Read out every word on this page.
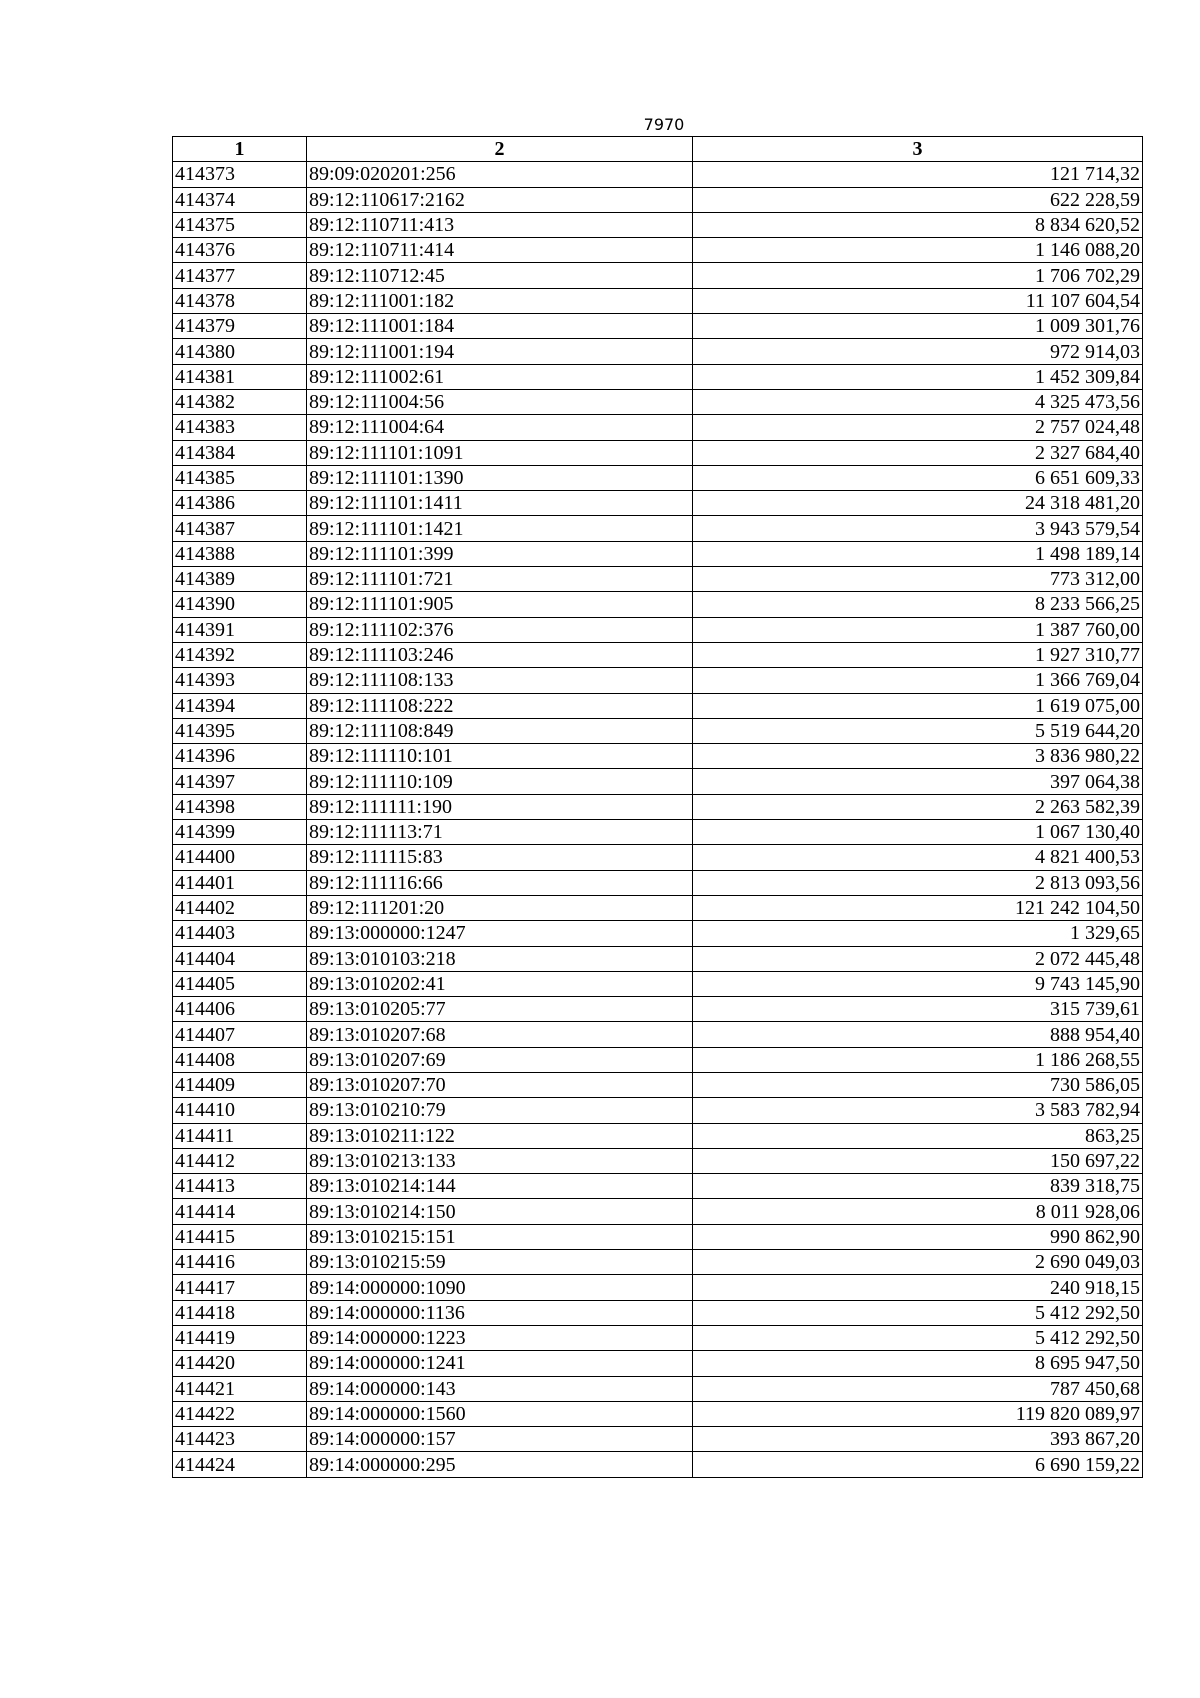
7970
1	2	3
414373	89:09:020201:256	121 714,32
414374	89:12:110617:2162	622 228,59
414375	89:12:110711:413	8 834 620,52
414376	89:12:110711:414	1 146 088,20
414377	89:12:110712:45	1 706 702,29
414378	89:12:111001:182	11 107 604,54
414379	89:12:111001:184	1 009 301,76
414380	89:12:111001:194	972 914,03
414381	89:12:111002:61	1 452 309,84
414382	89:12:111004:56	4 325 473,56
414383	89:12:111004:64	2 757 024,48
414384	89:12:111101:1091	2 327 684,40
414385	89:12:111101:1390	6 651 609,33
414386	89:12:111101:1411	24 318 481,20
414387	89:12:111101:1421	3 943 579,54
414388	89:12:111101:399	1 498 189,14
414389	89:12:111101:721	773 312,00
414390	89:12:111101:905	8 233 566,25
414391	89:12:111102:376	1 387 760,00
414392	89:12:111103:246	1 927 310,77
414393	89:12:111108:133	1 366 769,04
414394	89:12:111108:222	1 619 075,00
414395	89:12:111108:849	5 519 644,20
414396	89:12:111110:101	3 836 980,22
414397	89:12:111110:109	397 064,38
414398	89:12:111111:190	2 263 582,39
414399	89:12:111113:71	1 067 130,40
414400	89:12:111115:83	4 821 400,53
414401	89:12:111116:66	2 813 093,56
414402	89:12:111201:20	121 242 104,50
414403	89:13:000000:1247	1 329,65
414404	89:13:010103:218	2 072 445,48
414405	89:13:010202:41	9 743 145,90
414406	89:13:010205:77	315 739,61
414407	89:13:010207:68	888 954,40
414408	89:13:010207:69	1 186 268,55
414409	89:13:010207:70	730 586,05
414410	89:13:010210:79	3 583 782,94
414411	89:13:010211:122	863,25
414412	89:13:010213:133	150 697,22
414413	89:13:010214:144	839 318,75
414414	89:13:010214:150	8 011 928,06
414415	89:13:010215:151	990 862,90
414416	89:13:010215:59	2 690 049,03
414417	89:14:000000:1090	240 918,15
414418	89:14:000000:1136	5 412 292,50
414419	89:14:000000:1223	5 412 292,50
414420	89:14:000000:1241	8 695 947,50
414421	89:14:000000:143	787 450,68
414422	89:14:000000:1560	119 820 089,97
414423	89:14:000000:157	393 867,20
414424	89:14:000000:295	6 690 159,22
